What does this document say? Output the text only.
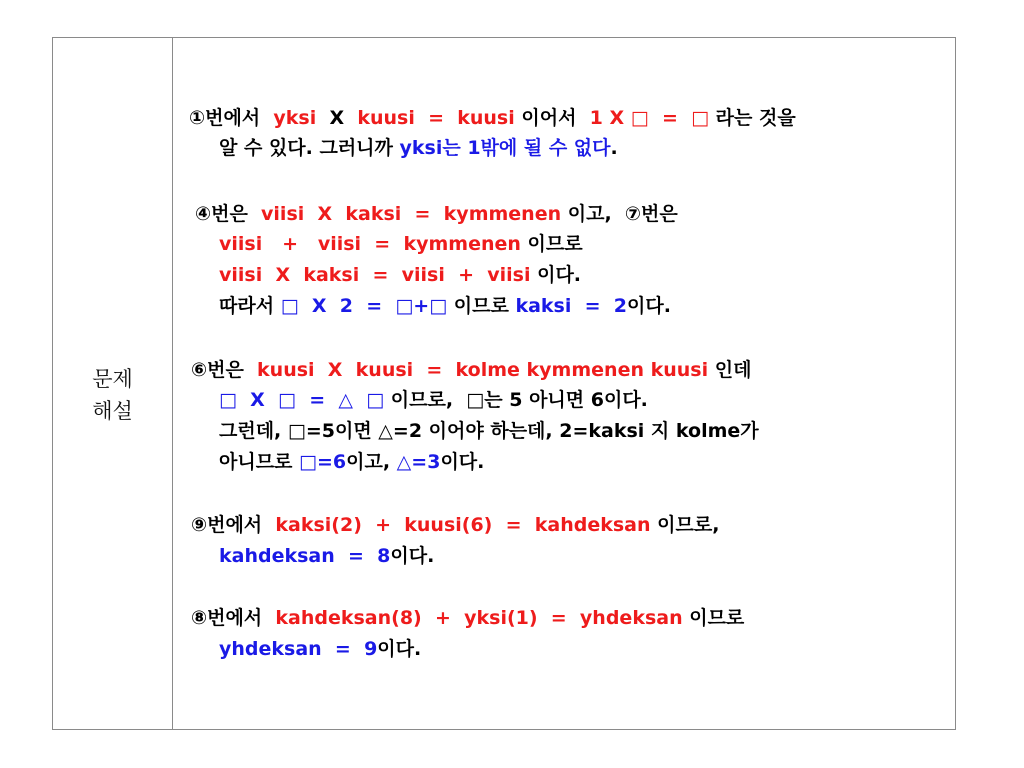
문제
해설
①번에서  yksi  X  kuusi  =  kuusi 이어서  1 X □  =  □ 라는 것을
알 수 있다. 그러니까 yksi는 1밖에 될 수 없다.
④번은  viisi  X  kaksi  =  kymmenen 이고,  ⑦번은
viisi   +   viisi  =  kymmenen 이므로
viisi  X  kaksi  =  viisi  +  viisi 이다.
따라서 □  X  2  =  □+□ 이므로 kaksi  =  2이다.
⑥번은  kuusi  X  kuusi  =  kolme kymmenen kuusi 인데
□  X  □  =  △  □ 이므로,  □는 5 아니면 6이다.
그런데, □=5이면 △=2 이어야 하는데, 2=kaksi 지 kolme가
아니므로 □=6이고, △=3이다.
⑨번에서  kaksi(2)  +  kuusi(6)  =  kahdeksan 이므로,
kahdeksan  =  8이다.
⑧번에서  kahdeksan(8)  +  yksi(1)  =  yhdeksan 이므로
yhdeksan  =  9이다.
